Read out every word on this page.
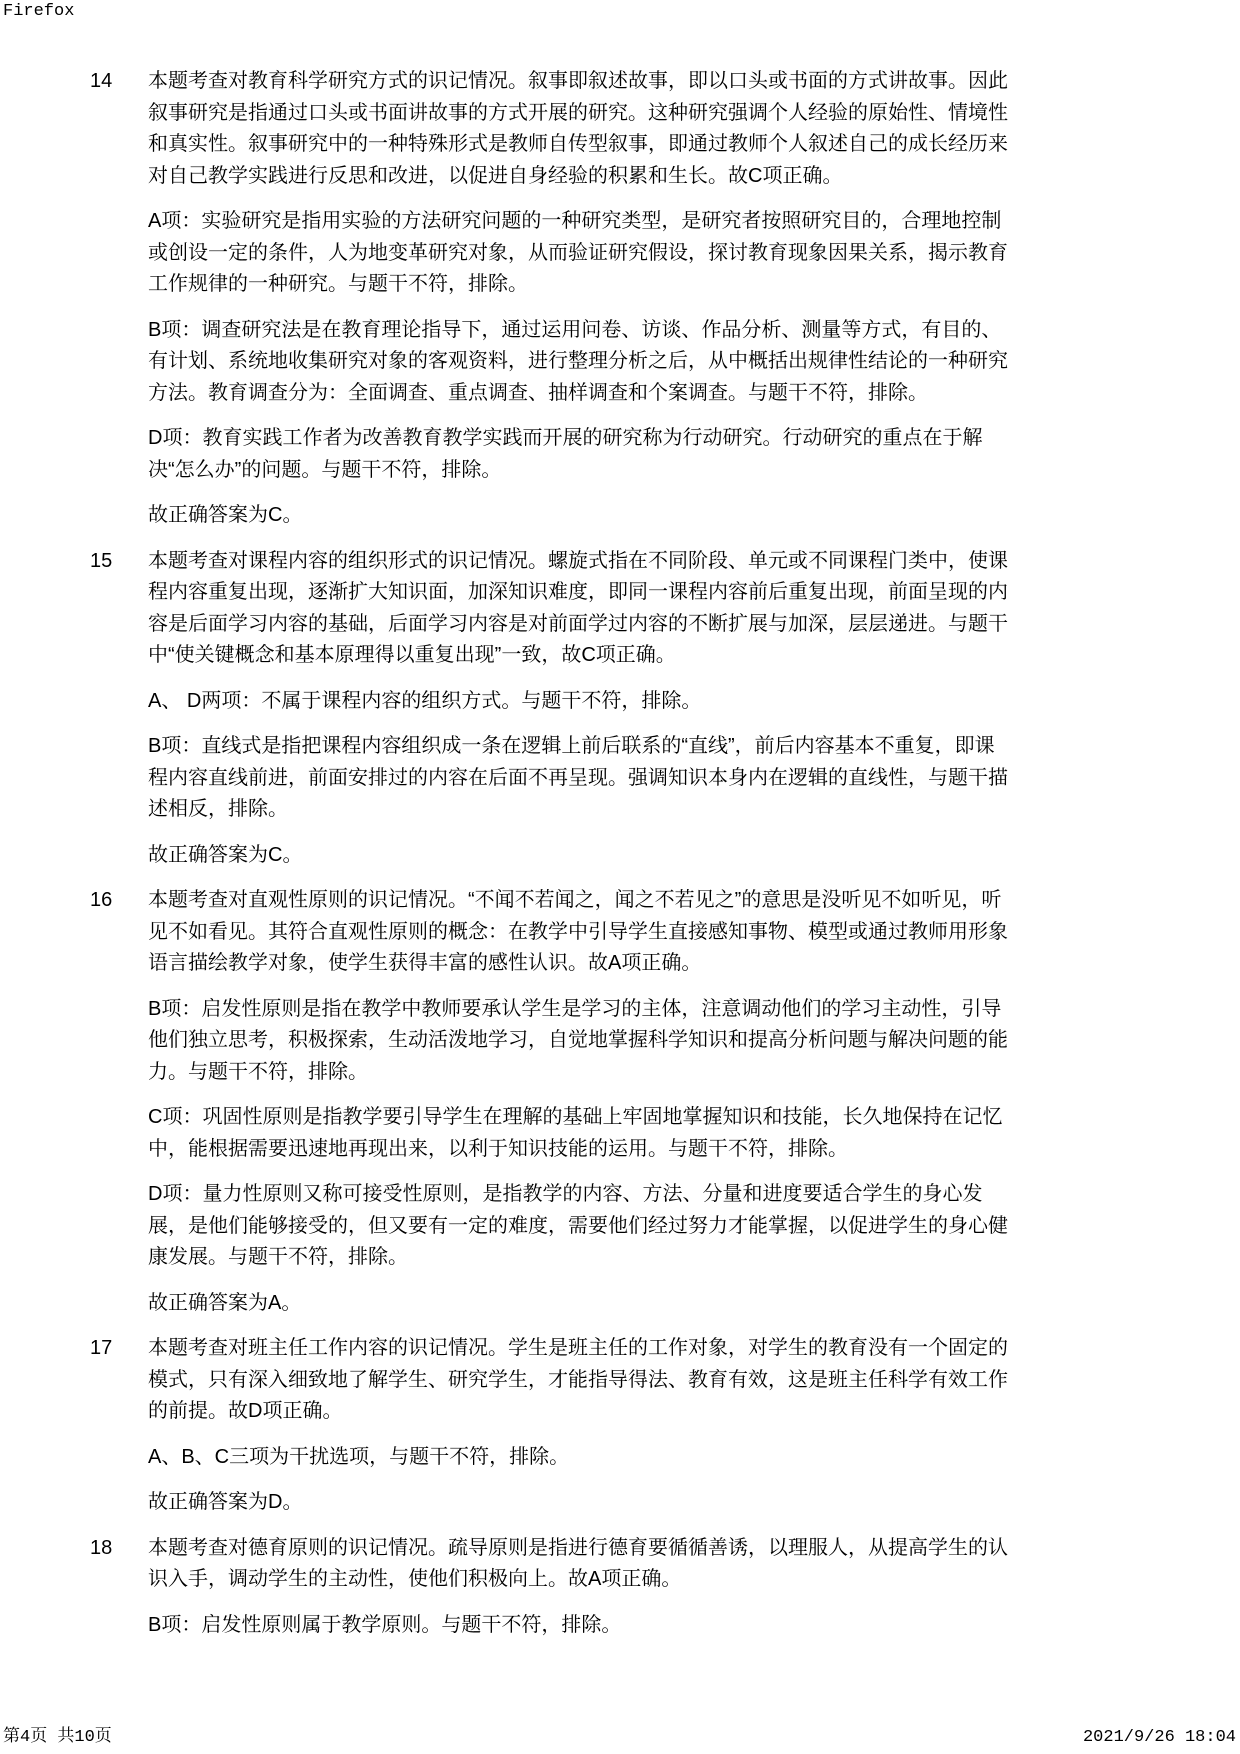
Firefox
14	本题考查对教育科学研究方式的识记情况。叙事即叙述故事，即以口头或书面的方式讲故事。因此叙事研究是指通过口头或书面讲故事的方式开展的研究。这种研究强调个人经验的原始性、情境性和真实性。叙事研究中的一种特殊形式是教师自传型叙事，即通过教师个人叙述自己的成长经历来对自己教学实践进行反思和改进，以促进自身经验的积累和生长。故C项正确。

A项：实验研究是指用实验的方法研究问题的一种研究类型，是研究者按照研究目的，合理地控制或创设一定的条件，人为地变革研究对象，从而验证研究假设，探讨教育现象因果关系，揭示教育工作规律的一种研究。与题干不符，排除。

B项：调查研究法是在教育理论指导下，通过运用问卷、访谈、作品分析、测量等方式，有目的、有计划、系统地收集研究对象的客观资料，进行整理分析之后，从中概括出规律性结论的一种研究方法。教育调查分为：全面调查、重点调查、抽样调查和个案调查。与题干不符，排除。

D项：教育实践工作者为改善教育教学实践而开展的研究称为行动研究。行动研究的重点在于解决“怎么办”的问题。与题干不符，排除。

故正确答案为C。

15	本题考查对课程内容的组织形式的识记情况。螺旋式指在不同阶段、单元或不同课程门类中，使课程内容重复出现，逐渐扩大知识面，加深知识难度，即同一课程内容前后重复出现，前面呈现的内容是后面学习内容的基础，后面学习内容是对前面学过内容的不断扩展与加深，层层递进。与题干中“使关键概念和基本原理得以重复出现”一致，故C项正确。

A、 D两项：不属于课程内容的组织方式。与题干不符，排除。

B项：直线式是指把课程内容组织成一条在逻辑上前后联系的“直线”，前后内容基本不重复，即课程内容直线前进，前面安排过的内容在后面不再呈现。强调知识本身内在逻辑的直线性，与题干描述相反，排除。

故正确答案为C。

16	本题考查对直观性原则的识记情况。“不闻不若闻之，闻之不若见之”的意思是没听见不如听见，听见不如看见。其符合直观性原则的概念：在教学中引导学生直接感知事物、模型或通过教师用形象语言描绘教学对象，使学生获得丰富的感性认识。故A项正确。

B项：启发性原则是指在教学中教师要承认学生是学习的主体，注意调动他们的学习主动性，引导他们独立思考，积极探索，生动活泼地学习，自觉地掌握科学知识和提高分析问题与解决问题的能力。与题干不符，排除。

C项：巩固性原则是指教学要引导学生在理解的基础上牢固地掌握知识和技能，长久地保持在记忆中，能根据需要迅速地再现出来，以利于知识技能的运用。与题干不符，排除。

D项：量力性原则又称可接受性原则，是指教学的内容、方法、分量和进度要适合学生的身心发展，是他们能够接受的，但又要有一定的难度，需要他们经过努力才能掌握，以促进学生的身心健康发展。与题干不符，排除。

故正确答案为A。

17	本题考查对班主任工作内容的识记情况。学生是班主任的工作对象，对学生的教育没有一个固定的模式，只有深入细致地了解学生、研究学生，才能指导得法、教育有效，这是班主任科学有效工作的前提。故D项正确。

A、B、C三项为干扰选项，与题干不符，排除。

故正确答案为D。

18	本题考查对德育原则的识记情况。疏导原则是指进行德育要循循善诱，以理服人，从提高学生的认识入手，调动学生的主动性，使他们积极向上。故A项正确。

B项：启发性原则属于教学原则。与题干不符，排除。

第4页 共10页	2021/9/26 18:04
